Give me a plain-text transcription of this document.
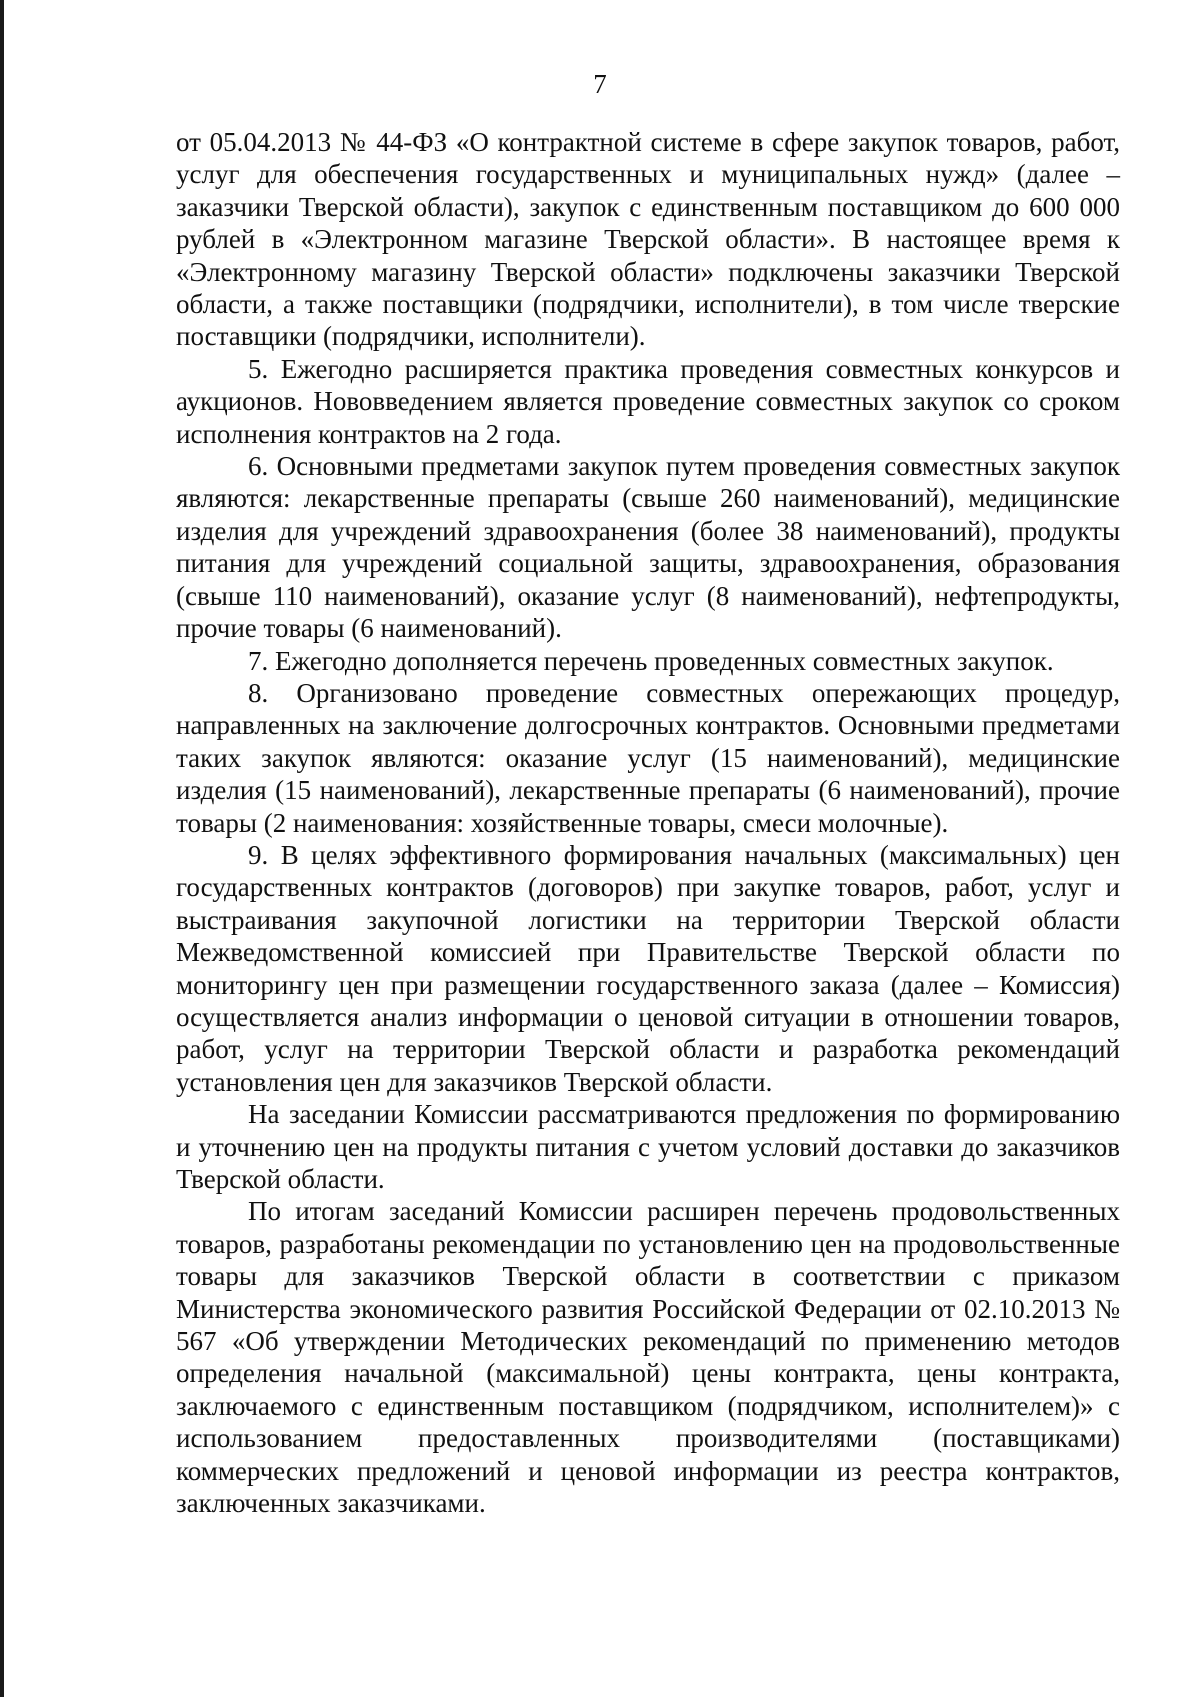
7

от 05.04.2013 № 44-ФЗ «О контрактной системе в сфере закупок товаров, работ, услуг для обеспечения государственных и муниципальных нужд» (далее – заказчики Тверской области), закупок с единственным поставщиком до 600 000 рублей в «Электронном магазине Тверской области». В настоящее время к «Электронному магазину Тверской области» подключены заказчики Тверской области, а также поставщики (подрядчики, исполнители), в том числе тверские поставщики (подрядчики, исполнители).

5. Ежегодно расширяется практика проведения совместных конкурсов и аукционов. Нововведением является проведение совместных закупок со сроком исполнения контрактов на 2 года.

6. Основными предметами закупок путем проведения совместных закупок являются: лекарственные препараты (свыше 260 наименований), медицинские изделия для учреждений здравоохранения (более 38 наименований), продукты питания для учреждений социальной защиты, здравоохранения, образования (свыше 110 наименований), оказание услуг (8 наименований), нефтепродукты, прочие товары (6 наименований).

7. Ежегодно дополняется перечень проведенных совместных закупок.

8. Организовано проведение совместных опережающих процедур, направленных на заключение долгосрочных контрактов. Основными предметами таких закупок являются: оказание услуг (15 наименований), медицинские изделия (15 наименований), лекарственные препараты (6 наименований), прочие товары (2 наименования: хозяйственные товары, смеси молочные).

9. В целях эффективного формирования начальных (максимальных) цен государственных контрактов (договоров) при закупке товаров, работ, услуг и выстраивания закупочной логистики на территории Тверской области Межведомственной комиссией при Правительстве Тверской области по мониторингу цен при размещении государственного заказа (далее – Комиссия) осуществляется анализ информации о ценовой ситуации в отношении товаров, работ, услуг на территории Тверской области и разработка рекомендаций установления цен для заказчиков Тверской области.

На заседании Комиссии рассматриваются предложения по формированию и уточнению цен на продукты питания с учетом условий доставки до заказчиков Тверской области.

По итогам заседаний Комиссии расширен перечень продовольственных товаров, разработаны рекомендации по установлению цен на продовольственные товары для заказчиков Тверской области в соответствии с приказом Министерства экономического развития Российской Федерации от 02.10.2013 № 567 «Об утверждении Методических рекомендаций по применению методов определения начальной (максимальной) цены контракта, цены контракта, заключаемого с единственным поставщиком (подрядчиком, исполнителем)» с использованием предоставленных производителями (поставщиками) коммерческих предложений и ценовой информации из реестра контрактов, заключенных заказчиками.
